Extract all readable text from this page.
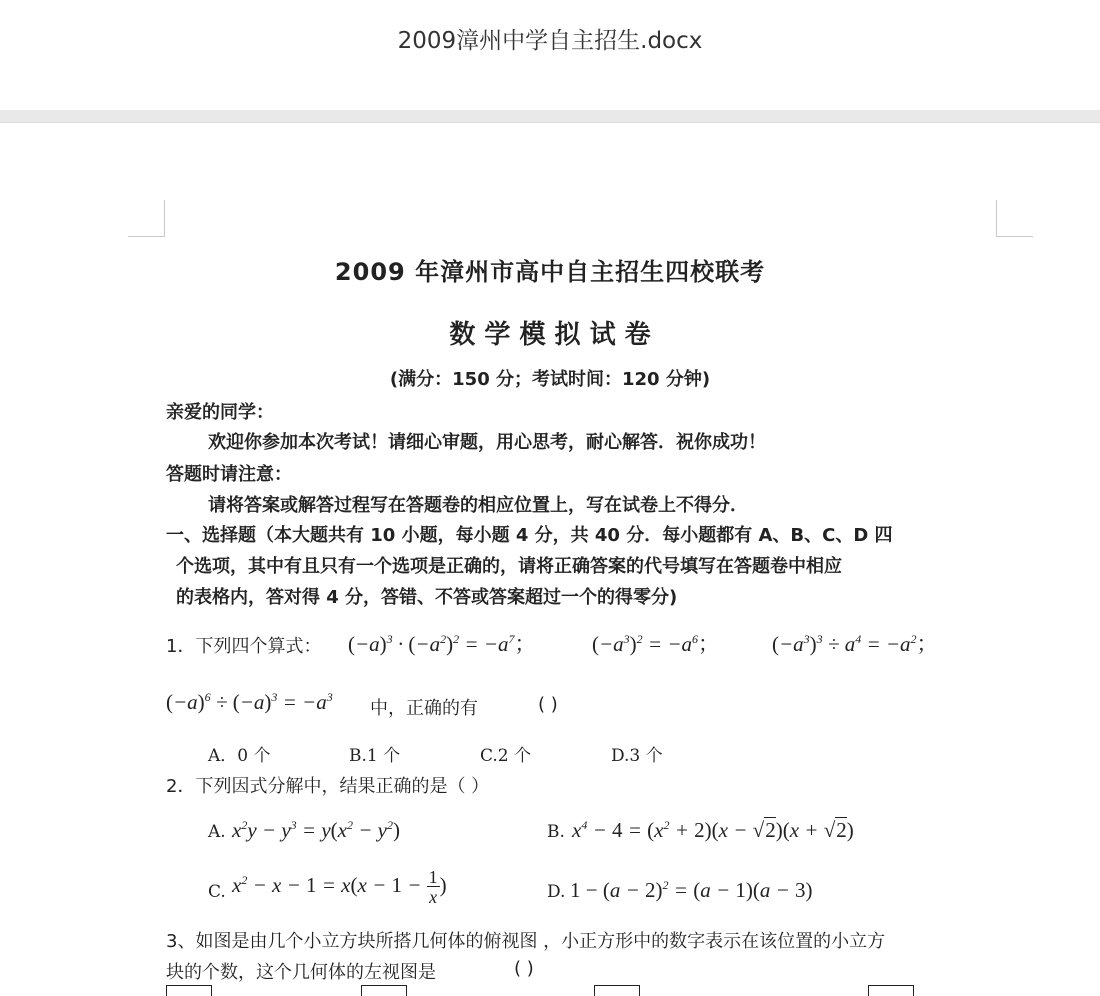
2009漳州中学自主招生.docx
2009 年漳州市高中自主招生四校联考
数 学 模 拟 试 卷
(满分：150 分；考试时间：120 分钟)
亲爱的同学：
欢迎你参加本次考试！请细心审题，用心思考，耐心解答．祝你成功！
答题时请注意：
请将答案或解答过程写在答题卷的相应位置上，写在试卷上不得分．
一、选择题（本大题共有 10 小题，每小题 4 分，共 40 分．每小题都有 A、B、C、D 四
个选项，其中有且只有一个选项是正确的，请将正确答案的代号填写在答题卷中相应
的表格内，答对得 4 分，答错、不答或答案超过一个的得零分)
1．下列四个算式： $(-a)^3 \cdot (-a^2)^2 = -a^7$；	$(-a^3)^2 = -a^6$；	$(-a^3)^3 \div a^4 = -a^2$；
$(-a)^6 \div (-a)^3 = -a^3$
中，正确的有	( )
A．0 个	B.1 个	C.2 个	D.3 个
2．下列因式分解中，结果正确的是（ ）
A. $x^2y - y^3 = y(x^2 - y^2)$	B. $x^4 - 4 = (x^2 + 2)(x - √2)(x + √2)$
C. $x^2 - x - 1 = x(x - 1 - \frac{1}{x}$ )	D. $1 - (a - 2)^2 = (a - 1)(a - 3)$
3、如图是由几个小立方块所搭几何体的俯视图 ，小正方形中的数字表示在该位置的小立方
块的个数，这个几何体的左视图是	( )
